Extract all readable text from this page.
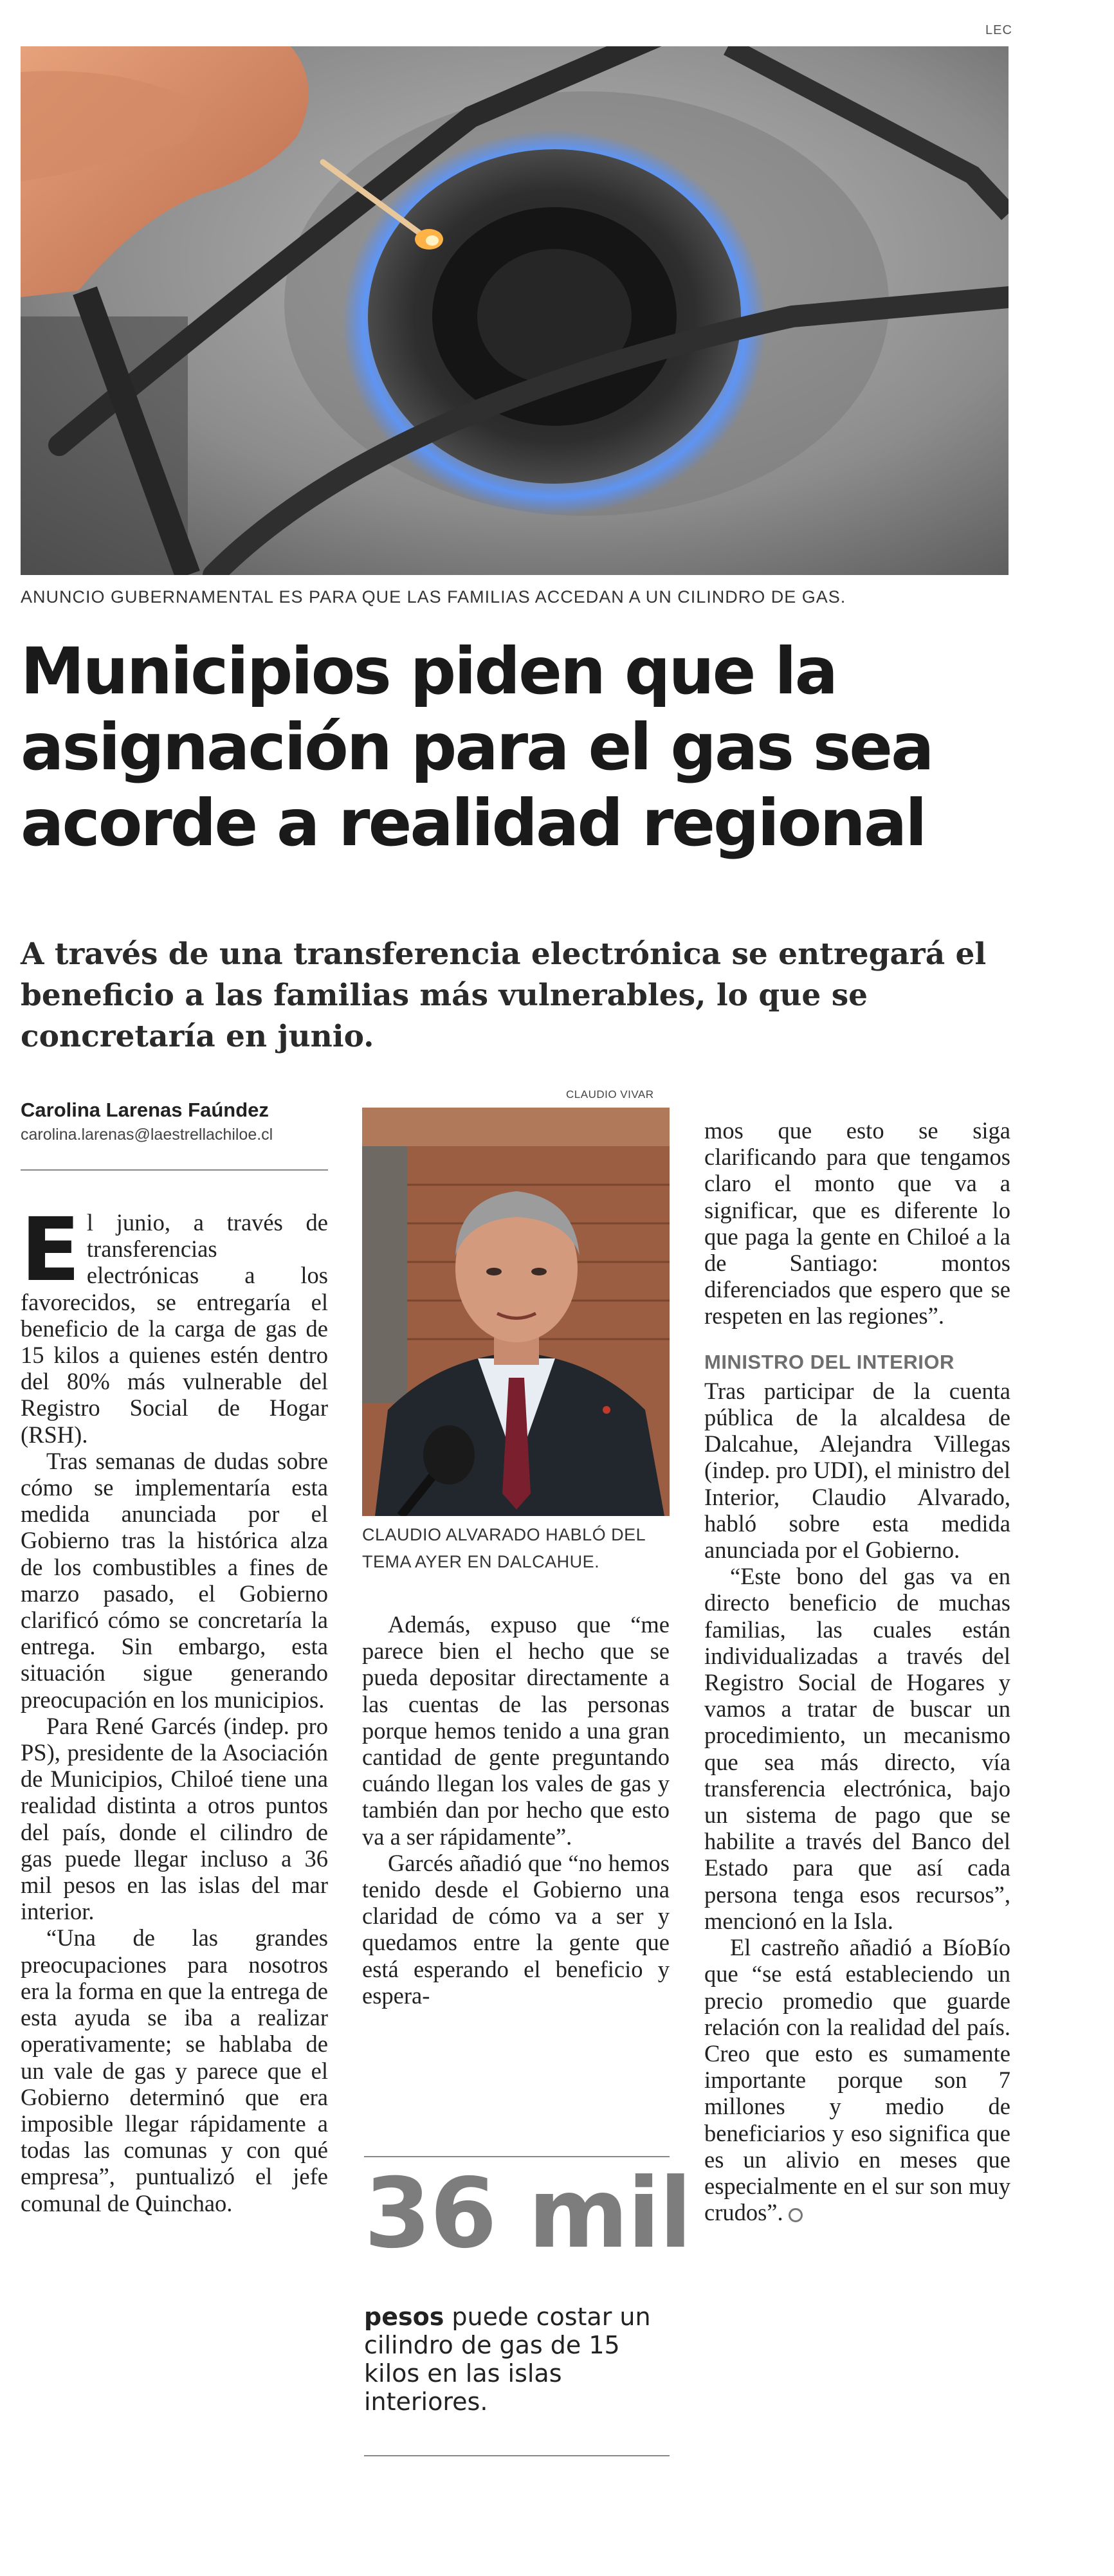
LEC
ANUNCIO GUBERNAMENTAL ES PARA QUE LAS FAMILIAS ACCEDAN A UN CILINDRO DE GAS.
Municipios piden que la asignación para el gas sea acorde a realidad regional
A través de una transferencia electrónica se entregará el beneficio a las familias más vulnerables, lo que se concretaría en junio.
Carolina Larenas Faúndez
carolina.larenas@laestrellachiloe.cl

El junio, a través de transferencias electrónicas a los favorecidos, se entregaría el beneficio de la carga de gas de 15 kilos a quienes estén dentro del 80% más vulnerable del Registro Social de Hogar (RSH).

Tras semanas de dudas sobre cómo se implementaría esta medida anunciada por el Gobierno tras la histórica alza de los combustibles a fines de marzo pasado, el Gobierno clarificó cómo se concretaría la entrega. Sin embargo, esta situación sigue generando preocupación en los municipios.

Para René Garcés (indep. pro PS), presidente de la Asociación de Municipios, Chiloé tiene una realidad distinta a otros puntos del país, donde el cilindro de gas puede llegar incluso a 36 mil pesos en las islas del mar interior.

“Una de las grandes preocupaciones para nosotros era la forma en que la entrega de esta ayuda se iba a realizar operativamente; se hablaba de un vale de gas y parece que el Gobierno determinó que era imposible llegar rápidamente a todas las comunas y con qué empresa”, puntualizó el jefe comunal de Quinchao.

CLAUDIO VIVAR
CLAUDIO ALVARADO HABLÓ DEL TEMA AYER EN DALCAHUE.

Además, expuso que “me parece bien el hecho que se pueda depositar directamente a las cuentas de las personas porque hemos tenido a una gran cantidad de gente preguntando cuándo llegan los vales de gas y también dan por hecho que esto va a ser rápidamente”.

Garcés añadió que “no hemos tenido desde el Gobierno una claridad de cómo va a ser y quedamos entre la gente que está esperando el beneficio y espera-

36 mil
pesos puede costar un cilindro de gas de 15 kilos en las islas interiores.

mos que esto se siga clarificando para que tengamos claro el monto que va a significar, que es diferente lo que paga la gente en Chiloé a la de Santiago: montos diferenciados que espero que se respeten en las regiones”.

MINISTRO DEL INTERIOR

Tras participar de la cuenta pública de la alcaldesa de Dalcahue, Alejandra Villegas (indep. pro UDI), el ministro del Interior, Claudio Alvarado, habló sobre esta medida anunciada por el Gobierno.

“Este bono del gas va en directo beneficio de muchas familias, las cuales están individualizadas a través del Registro Social de Hogares y vamos a tratar de buscar un procedimiento, un mecanismo que sea más directo, vía transferencia electrónica, bajo un sistema de pago que se habilite a través del Banco del Estado para que así cada persona tenga esos recursos”, mencionó en la Isla.

El castreño añadió a BíoBío que “se está estableciendo un precio promedio que guarde relación con la realidad del país. Creo que esto es sumamente importante porque son 7 millones y medio de beneficiarios y eso significa que es un alivio en meses que especialmente en el sur son muy crudos”.
